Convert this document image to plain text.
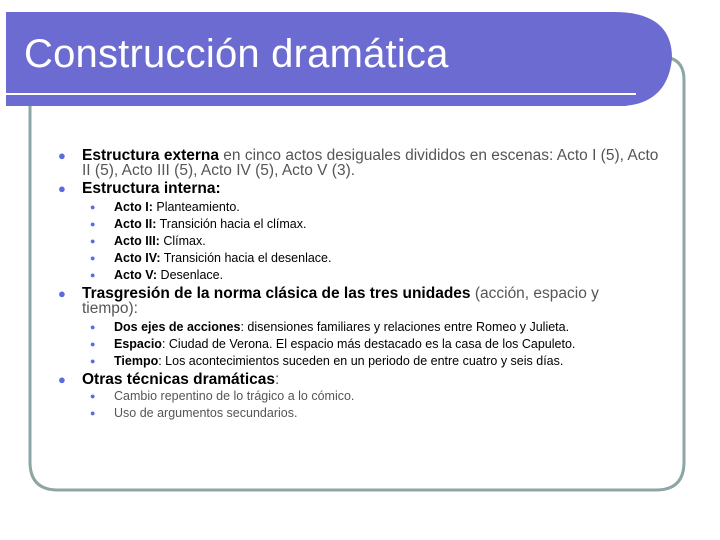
Construcción dramática
● Estructura externa en cinco actos desiguales divididos en escenas: Acto I (5), Acto II (5), Acto III (5), Acto IV (5), Acto V (3).
● Estructura interna:
● Acto I: Planteamiento.
● Acto II: Transición hacia el clímax.
● Acto III: Clímax.
● Acto IV: Transición hacia el desenlace.
● Acto V: Desenlace.
● Trasgresión de la norma clásica de las tres unidades (acción, espacio y tiempo):
● Dos ejes de acciones: disensiones familiares y relaciones entre Romeo y Julieta.
● Espacio: Ciudad de Verona. El espacio más destacado es la casa de los Capuleto.
● Tiempo: Los acontecimientos suceden en un periodo de entre cuatro y seis días.
● Otras técnicas dramáticas:
● Cambio repentino de lo trágico a lo cómico.
● Uso de argumentos secundarios.
